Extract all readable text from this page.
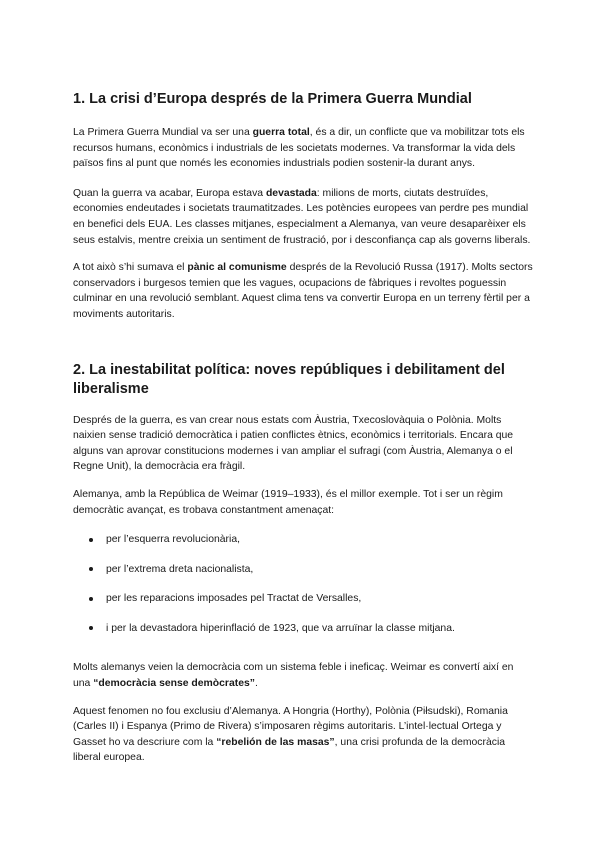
1. La crisi d’Europa després de la Primera Guerra Mundial

La Primera Guerra Mundial va ser una guerra total, és a dir, un conflicte que va mobilitzar tots els recursos humans, econòmics i industrials de les societats modernes. Va transformar la vida dels països fins al punt que només les economies industrials podien sostenir-la durant anys.

Quan la guerra va acabar, Europa estava devastada: milions de morts, ciutats destruïdes, economies endeutades i societats traumatitzades. Les potències europees van perdre pes mundial en benefici dels EUA. Les classes mitjanes, especialment a Alemanya, van veure desaparèixer els seus estalvis, mentre creixia un sentiment de frustració, por i desconfiança cap als governs liberals.

A tot això s’hi sumava el pànic al comunisme després de la Revolució Russa (1917). Molts sectors conservadors i burgesos temien que les vagues, ocupacions de fàbriques i revoltes poguessin culminar en una revolució semblant. Aquest clima tens va convertir Europa en un terreny fèrtil per a moviments autoritaris.

2. La inestabilitat política: noves repúbliques i debilitament del liberalisme

Després de la guerra, es van crear nous estats com Àustria, Txecoslovàquia o Polònia. Molts naixien sense tradició democràtica i patien conflictes ètnics, econòmics i territorials. Encara que alguns van aprovar constitucions modernes i van ampliar el sufragi (com Àustria, Alemanya o el Regne Unit), la democràcia era fràgil.

Alemanya, amb la República de Weimar (1919–1933), és el millor exemple. Tot i ser un règim democràtic avançat, es trobava constantment amenaçat:

per l’esquerra revolucionària,
per l’extrema dreta nacionalista,
per les reparacions imposades pel Tractat de Versalles,
i per la devastadora hiperinflació de 1923, que va arruïnar la classe mitjana.

Molts alemanys veien la democràcia com un sistema feble i ineficaç. Weimar es convertí així en una “democràcia sense demòcrates”.

Aquest fenomen no fou exclusiu d’Alemanya. A Hongria (Horthy), Polònia (Piłsudski), Romania (Carles II) i Espanya (Primo de Rivera) s’imposaren règims autoritaris. L’intel·lectual Ortega y Gasset ho va descriure com la “rebelión de las masas”, una crisi profunda de la democràcia liberal europea.
